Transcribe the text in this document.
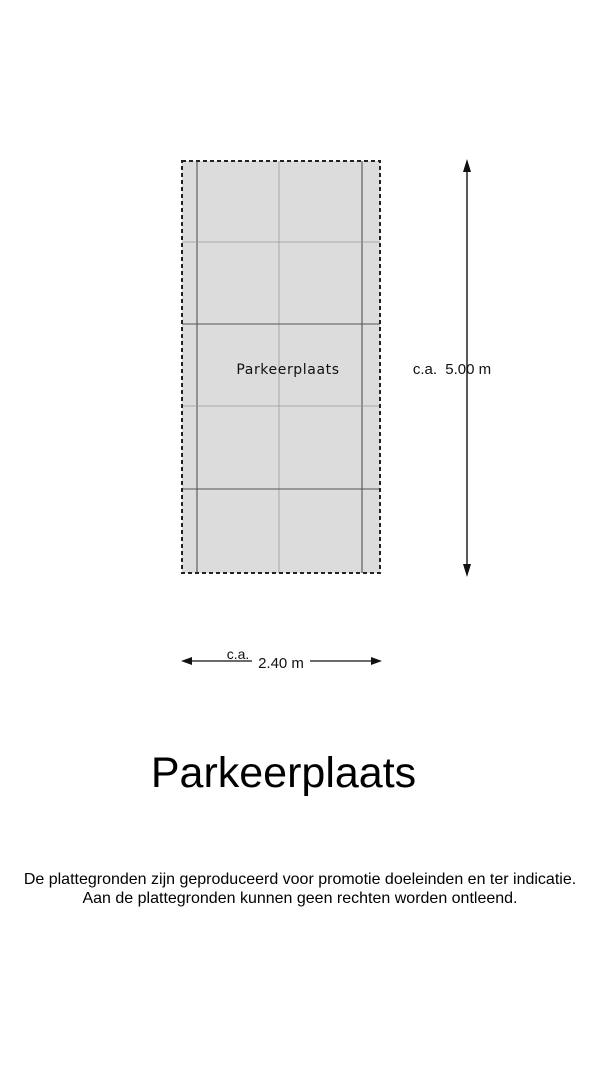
Parkeerplaats	c.a. 5.00 m
c.a.
2.40 m
Parkeerplaats
De plattegronden zijn geproduceerd voor promotie doeleinden en ter indicatie.
Aan de plattegronden kunnen geen rechten worden ontleend.
